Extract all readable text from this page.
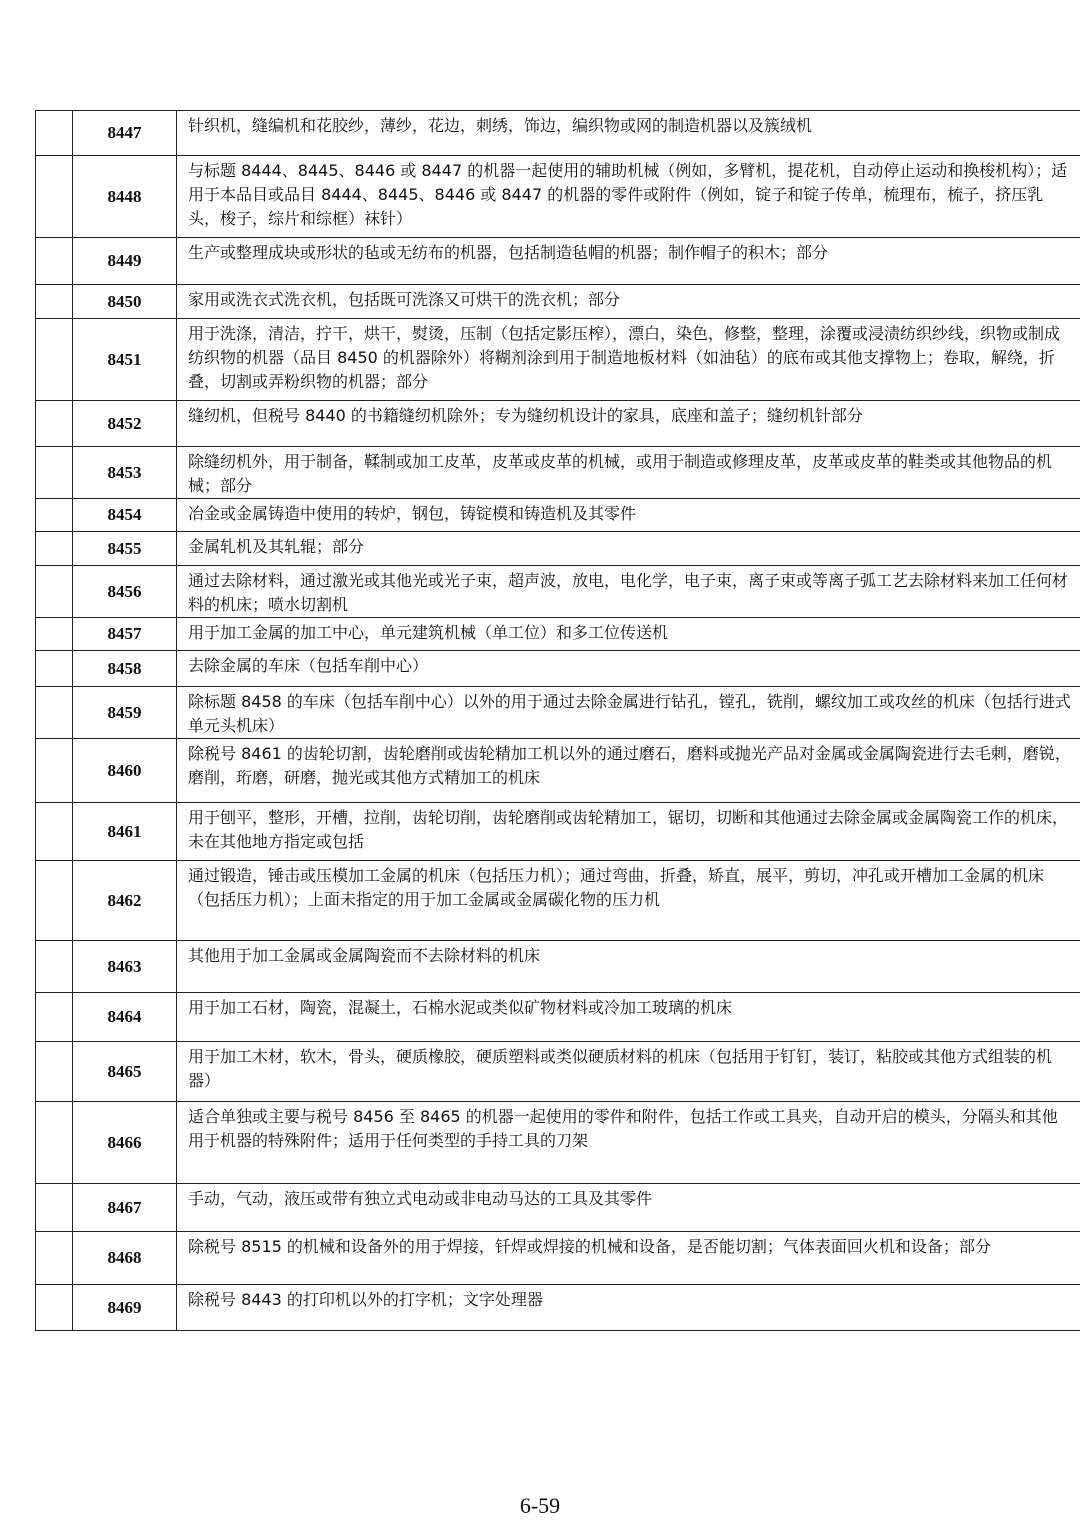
	8447	针织机，缝编机和花胶纱，薄纱，花边，刺绣，饰边，编织物或网的制造机器以及簇绒机
	8448	与标题 8444、8445、8446 或 8447 的机器一起使用的辅助机械（例如，多臂机，提花机，自动停止运动和换梭机构）；适用于本品目或品目 8444、8445、8446 或 8447 的机器的零件或附件（例如，锭子和锭子传单，梳理布，梳子，挤压乳头，梭子，综片和综框）袜针）
	8449	生产或整理成块或形状的毡或无纺布的机器，包括制造毡帽的机器；制作帽子的积木；部分
	8450	家用或洗衣式洗衣机，包括既可洗涤又可烘干的洗衣机；部分
	8451	用于洗涤，清洁，拧干，烘干，熨烫，压制（包括定影压榨），漂白，染色，修整，整理，涂覆或浸渍纺织纱线，织物或制成纺织物的机器（品目 8450 的机器除外）将糊剂涂到用于制造地板材料（如油毡）的底布或其他支撑物上；卷取，解绕，折叠，切割或弄粉织物的机器；部分
	8452	缝纫机，但税号 8440 的书籍缝纫机除外；专为缝纫机设计的家具，底座和盖子；缝纫机针部分
	8453	除缝纫机外，用于制备，鞣制或加工皮革，皮革或皮革的机械，或用于制造或修理皮革，皮革或皮革的鞋类或其他物品的机械；部分
	8454	冶金或金属铸造中使用的转炉，钢包，铸锭模和铸造机及其零件
	8455	金属轧机及其轧辊；部分
	8456	通过去除材料，通过激光或其他光或光子束，超声波，放电，电化学，电子束，离子束或等离子弧工艺去除材料来加工任何材料的机床；喷水切割机
	8457	用于加工金属的加工中心，单元建筑机械（单工位）和多工位传送机
	8458	去除金属的车床（包括车削中心）
	8459	除标题 8458 的车床（包括车削中心）以外的用于通过去除金属进行钻孔，镗孔，铣削，螺纹加工或攻丝的机床（包括行进式单元头机床）
	8460	除税号 8461 的齿轮切割，齿轮磨削或齿轮精加工机以外的通过磨石，磨料或抛光产品对金属或金属陶瓷进行去毛刺，磨锐，磨削，珩磨，研磨，抛光或其他方式精加工的机床
	8461	用于刨平，整形，开槽，拉削，齿轮切削，齿轮磨削或齿轮精加工，锯切，切断和其他通过去除金属或金属陶瓷工作的机床，未在其他地方指定或包括
	8462	通过锻造，锤击或压模加工金属的机床（包括压力机）；通过弯曲，折叠，矫直，展平，剪切，冲孔或开槽加工金属的机床（包括压力机）；上面未指定的用于加工金属或金属碳化物的压力机
	8463	其他用于加工金属或金属陶瓷而不去除材料的机床
	8464	用于加工石材，陶瓷，混凝土，石棉水泥或类似矿物材料或冷加工玻璃的机床
	8465	用于加工木材，软木，骨头，硬质橡胶，硬质塑料或类似硬质材料的机床（包括用于钉钉，装订，粘胶或其他方式组装的机器）
	8466	适合单独或主要与税号 8456 至 8465 的机器一起使用的零件和附件，包括工作或工具夹，自动开启的模头，分隔头和其他用于机器的特殊附件；适用于任何类型的手持工具的刀架
	8467	手动，气动，液压或带有独立式电动或非电动马达的工具及其零件
	8468	除税号 8515 的机械和设备外的用于焊接，钎焊或焊接的机械和设备，是否能切割；气体表面回火机和设备；部分
	8469	除税号 8443 的打印机以外的打字机；文字处理器
6-59
